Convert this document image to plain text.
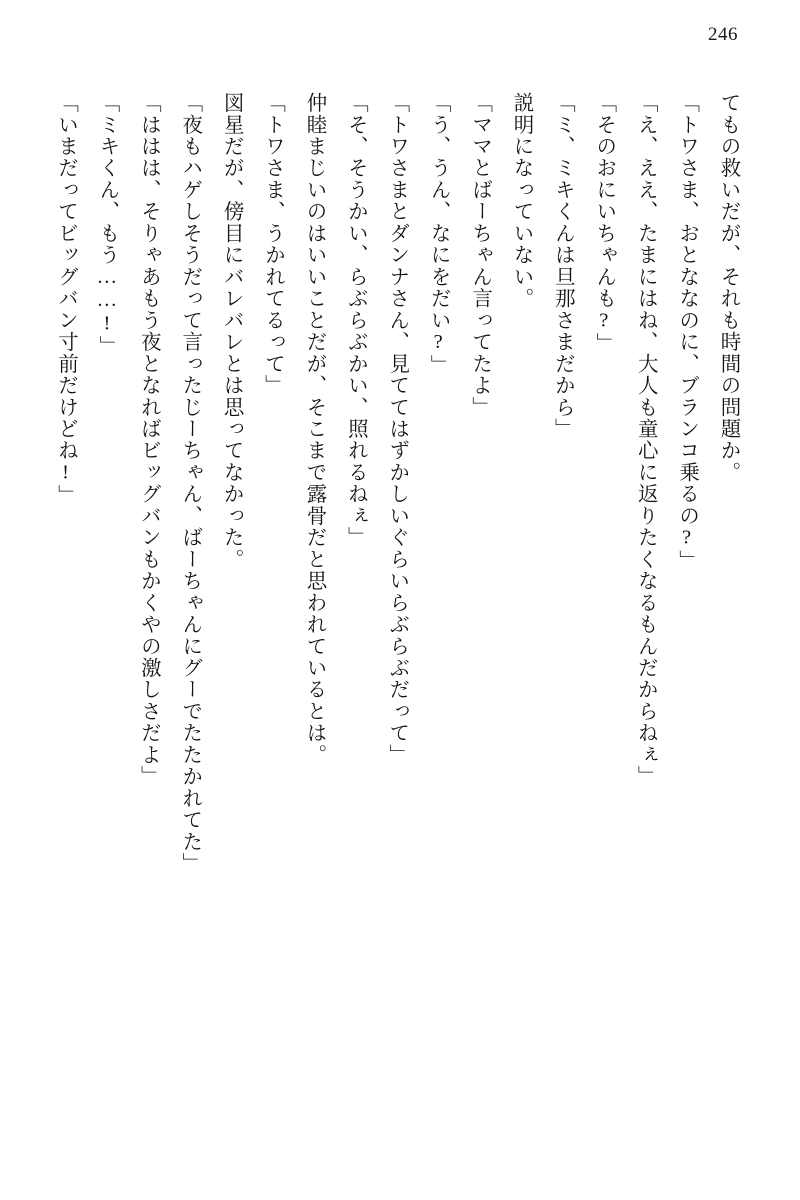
246
てもの救いだが、それも時間の問題か。
「トワさま、おとななのに、ブランコ乗るの?」
「え、ええ、たまにはね、大人も童心に返りたくなるもんだからねぇ」
「そのおにいちゃんも?」
「ミ、ミキくんは旦那さまだから」
説明になっていない。
「ママとばーちゃん言ってたよ」
「う、うん、なにをだい?」
「トワさまとダンナさん、見ててはずかしいぐらいらぶらぶだって」
「そ、そうかい、らぶらぶかい、照れるねぇ」
仲睦まじいのはいいことだが、そこまで露骨だと思われているとは。
「トワさま、うかれてるって」
図星だが、傍目にバレバレとは思ってなかった。
「夜もハゲしそうだって言ったじーちゃん、ばーちゃんにグーでたたかれてた」
「ははは、そりゃあもう夜となればビッグバンもかくやの激しさだよ」
「ミキくん、もう……!」
「いまだってビッグバン寸前だけどね!」
